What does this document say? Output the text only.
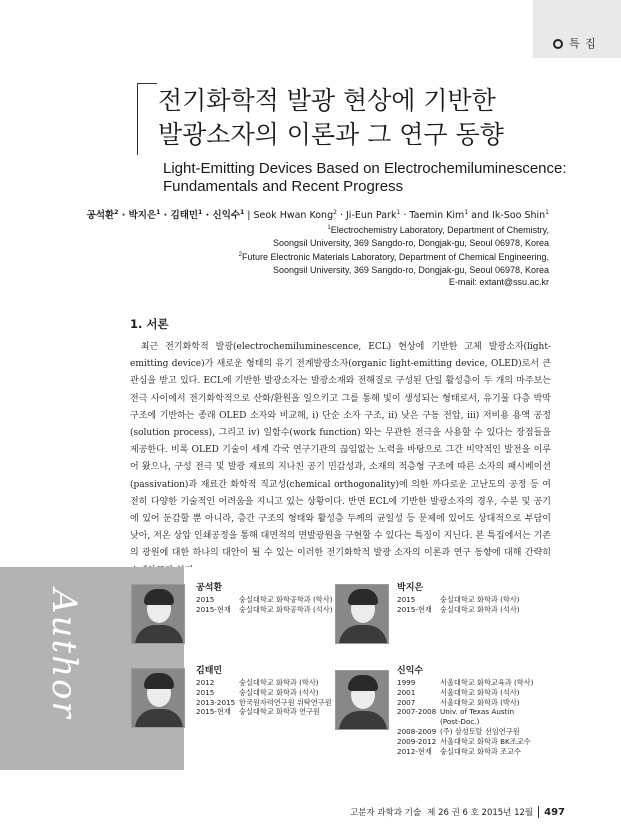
특 집
전기화학적 발광 현상에 기반한
발광소자의 이론과 그 연구 동향
Light-Emitting Devices Based on Electrochemiluminescence:
Fundamentals and Recent Progress
공석환$^2$ · 박지은$^1$ · 김태민$^1$ · 신익수$^1$ | Seok Hwan Kong$^2$ · Ji-Eun Park$^1$ · Taemin Kim$^1$ and Ik-Soo Shin$^1$
$^1$Electrochemistry Laboratory, Department of Chemistry,
Soongsil University, 369 Sangdo-ro, Dongjak-gu, Seoul 06978, Korea
$^2$Future Electronic Materials Laboratory, Department of Chemical Engineering,
Soongsil University, 369 Sangdo-ro, Dongjak-gu, Seoul 06978, Korea
E-mail: extant@ssu.ac.kr
1. 서론

최근 전기화학적 발광(electrochemiluminescence, ECL) 현상에 기반한 고체 발광소자(light-emitting device)가 새로운 형태의 유기 전계발광소자(organic light-emitting device, OLED)로서 큰 관심을 받고 있다. ECL에 기반한 발광소자는 발광소재와 전해질로 구성된 단일 활성층이 두 개의 마주보는 전극 사이에서 전기화학적으로 산화/환원을 일으키고 그를 통해 빛이 생성되는 형태로서, 유기물 다층 박막 구조에 기반하는 종래 OLED 소자와 비교해, i) 단순 소자 구조, ii) 낮은 구동 전압, iii) 저비용 용액 공정(solution process), 그리고 iv) 일함수(work function) 와는 무관한 전극을 사용할 수 있다는 장점들을 제공한다. 비록 OLED 기술이 세계 각국 연구기관의 끊임없는 노력을 바탕으로 그간 비약적인 발전을 이루어 왔으나, 구성 전극 및 발광 재료의 지나친 공기 민감성과, 소재의 적층형 구조에 따른 소자의 패시베이션(passivation)과 재료간 화학적 직교성(chemical orthogonality)에 의한 까다로운 고난도의 공정 등 여전히 다양한 기술적인 어려움을 지니고 있는 상황이다. 반면 ECL에 기반한 발광소자의 경우, 수분 및 공기에 있어 둔감할 뿐 아니라, 층간 구조의 형태와 활성층 두께의 균일성 등 문제에 있어도 상대적으로 부담이 낮아, 저온 상압 인쇄공정을 통해 대면적의 면발광원을 구현할 수 있다는 특징이 지닌다. 본 특집에서는 기존의 광원에 대한 하나의 대안이 될 수 있는 이러한 전기화학적 발광 소자의 이론과 연구 동향에 대해 간략히

Author
공석환
2015	숭실대학교 화학공학과 (학사)
2015-현재	숭실대학교 화학공학과 (석사)
박지은
2015	숭실대학교 화학과 (학사)
2015-현재	숭실대학교 화학과 (석사)
김태민
2012	숭실대학교 화학과 (학사)
2015	숭실대학교 화학과 (석사)
2013-2015 한국원자력연구원 위탁연구원
2015-현재	숭실대학교 화학과 연구원
신익수
1999	서울대학교 화학교육과 (학사)
2001	서울대학교 화학과 (석사)
2007	서울대학교 화학과 (박사)
2007-2008 Univ. of Texas Austin
(Post-Doc.)
2008-2009 (주) 삼성토탈 선임연구원
2009-2012 서울대학교 화학과 BK조교수
2012-현재	숭실대학교 화학과 조교수
고분자 과학과 기술 제 26 권 6 호 2015년 12월 497
